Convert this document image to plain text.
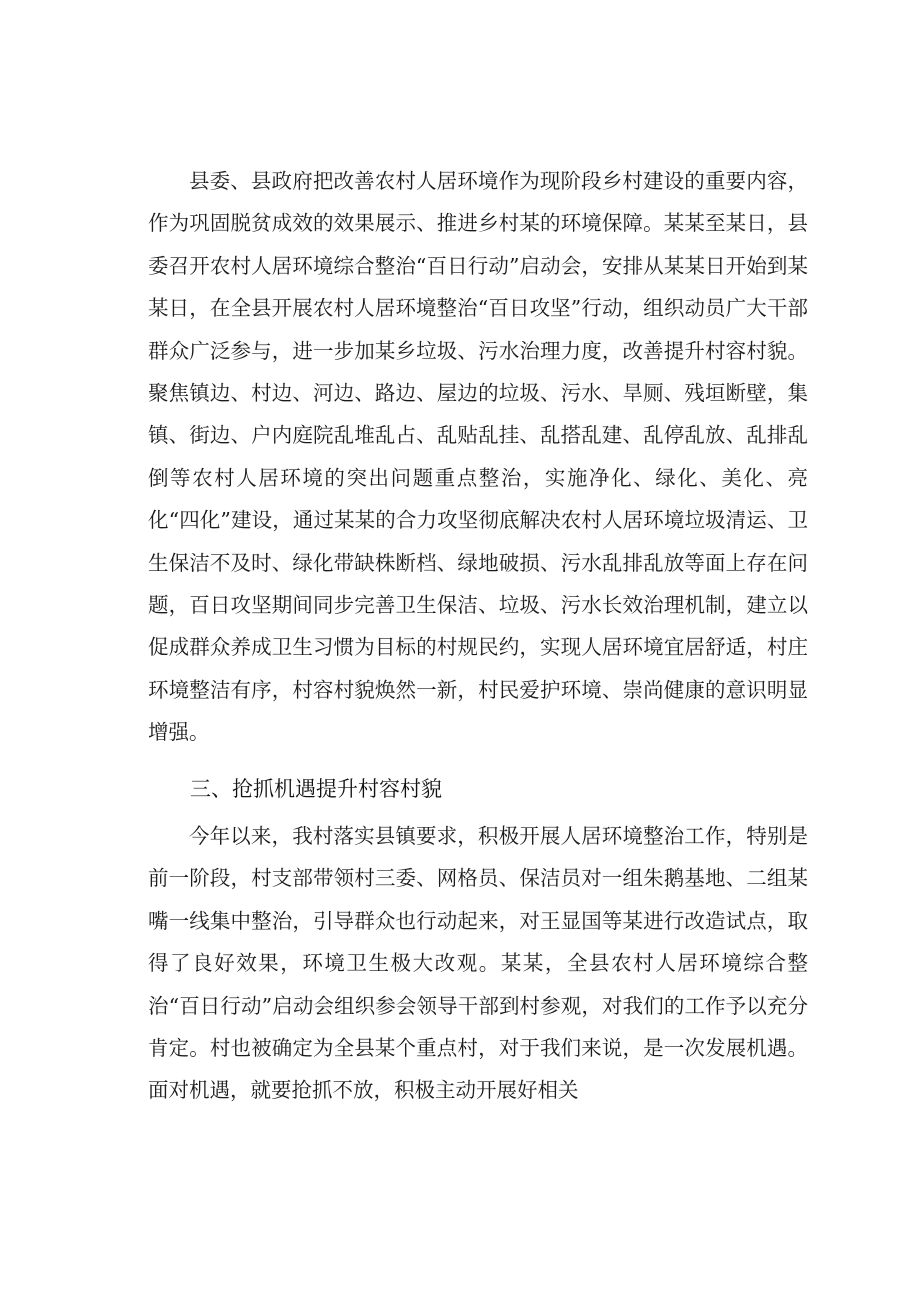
县委、县政府把改善农村人居环境作为现阶段乡村建设的重要内容，作为巩固脱贫成效的效果展示、推进乡村某的环境保障。某某至某日，县委召开农村人居环境综合整治“百日行动”启动会，安排从某某日开始到某某日，在全县开展农村人居环境整治“百日攻坚”行动，组织动员广大干部群众广泛参与，进一步加某乡垃圾、污水治理力度，改善提升村容村貌。聚焦镇边、村边、河边、路边、屋边的垃圾、污水、旱厕、残垣断壁，集镇、街边、户内庭院乱堆乱占、乱贴乱挂、乱搭乱建、乱停乱放、乱排乱倒等农村人居环境的突出问题重点整治，实施净化、绿化、美化、亮化“四化”建设，通过某某的合力攻坚彻底解决农村人居环境垃圾清运、卫生保洁不及时、绿化带缺株断档、绿地破损、污水乱排乱放等面上存在问题，百日攻坚期间同步完善卫生保洁、垃圾、污水长效治理机制，建立以促成群众养成卫生习惯为目标的村规民约，实现人居环境宜居舒适，村庄环境整洁有序，村容村貌焕然一新，村民爱护环境、崇尚健康的意识明显增强。

三、抢抓机遇提升村容村貌

今年以来，我村落实县镇要求，积极开展人居环境整治工作，特别是前一阶段，村支部带领村三委、网格员、保洁员对一组朱鹅基地、二组某嘴一线集中整治，引导群众也行动起来，对王显国等某进行改造试点，取得了良好效果，环境卫生极大改观。某某，全县农村人居环境综合整治“百日行动”启动会组织参会领导干部到村参观，对我们的工作予以充分肯定。村也被确定为全县某个重点村，对于我们来说，是一次发展机遇。面对机遇，就要抢抓不放，积极主动开展好相关
